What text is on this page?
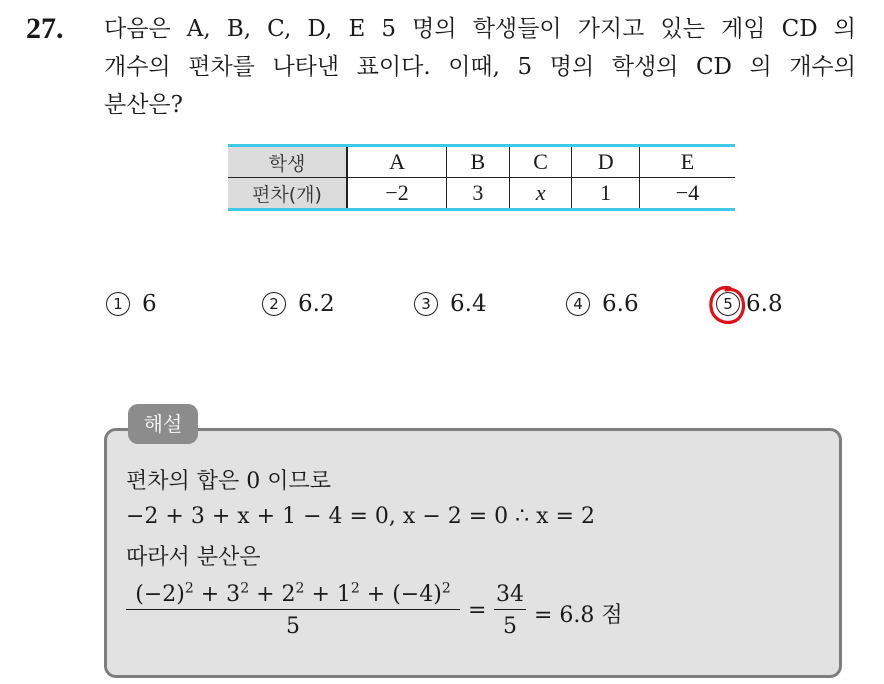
27. 다음은 A, B, C, D, E 5 명의 학생들이 가지고 있는 게임 CD 의
개수의 편차를 나타낸 표이다. 이때, 5 명의 학생의 CD 의 개수의
분산은?
학생	A	B	C	D	E
편차(개)	−2	3	x	1	−4
1 6	2 6.2	3 6.4	4 6.6	5 6.8
해설
편차의 합은 0 이므로
−2 + 3 + x + 1 − 4 = 0, x − 2 = 0 ∴ x = 2
따라서 분산은
$(-2)^2 + 3^2 + 2^2 + 1^2 + (-4)^2$
5
=
34
5 = 6.8 점
